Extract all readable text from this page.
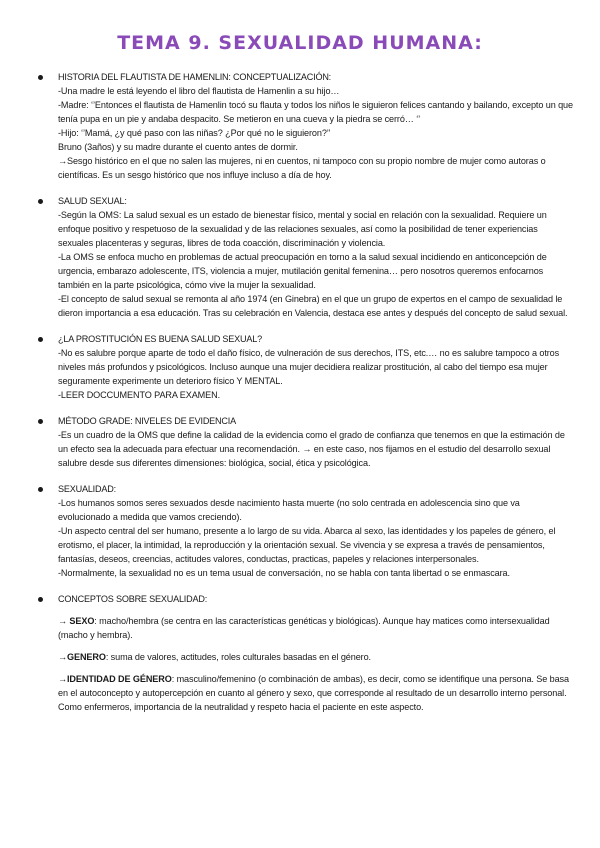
TEMA 9. SEXUALIDAD HUMANA:
HISTORIA DEL FLAUTISTA DE HAMENLIN: CONCEPTUALIZACIÓN:

-Una madre le está leyendo el libro del flautista de Hamenlin a su hijo…

-Madre: ‘’Entonces el flautista de Hamenlin tocó su flauta y todos los niños le siguieron felices cantando y bailando, excepto un que tenía pupa en un pie y andaba despacito. Se metieron en una cueva y la piedra se cerró… ‘’

-Hijo: ‘’Mamá, ¿y qué paso con las niñas? ¿Por qué no le siguieron?’’

Bruno (3años) y su madre durante el cuento antes de dormir.

→Sesgo histórico en el que no salen las mujeres, ni en cuentos, ni tampoco con su propio nombre de mujer como autoras o científicas. Es un sesgo histórico que nos influye incluso a día de hoy.

SALUD SEXUAL:

-Según la OMS: La salud sexual es un estado de bienestar físico, mental y social en relación con la sexualidad. Requiere un enfoque positivo y respetuoso de la sexualidad y de las relaciones sexuales, así como la posibilidad de tener experiencias sexuales placenteras y seguras, libres de toda coacción, discriminación y violencia.

-La OMS se enfoca mucho en problemas de actual preocupación en torno a la salud sexual incidiendo en anticoncepción de urgencia, embarazo adolescente, ITS, violencia a mujer, mutilación genital femenina… pero nosotros queremos enfocarnos también en la parte psicológica, cómo vive la mujer la sexualidad.

-El concepto de salud sexual se remonta al año 1974 (en Ginebra) en el que un grupo de expertos en el campo de sexualidad le dieron importancia a esa educación. Tras su celebración en Valencia, destaca ese antes y después del concepto de salud sexual.

¿LA PROSTITUCIÓN ES BUENA SALUD SEXUAL?

-No es salubre porque aparte de todo el daño físico, de vulneración de sus derechos, ITS, etc.… no es salubre tampoco a otros niveles más profundos y psicológicos. Incluso aunque una mujer decidiera realizar prostitución, al cabo del tiempo esa mujer seguramente experimente un deterioro físico Y MENTAL.

-LEER DOCCUMENTO PARA EXAMEN.

MÉTODO GRADE: NIVELES DE EVIDENCIA

-Es un cuadro de la OMS que define la calidad de la evidencia como el grado de confianza que tenemos en que la estimación de un efecto sea la adecuada para efectuar una recomendación. → en este caso, nos fijamos en el estudio del desarrollo sexual salubre desde sus diferentes dimensiones: biológica, social, ética y psicológica.

SEXUALIDAD:

-Los humanos somos seres sexuados desde nacimiento hasta muerte (no solo centrada en adolescencia sino que va evolucionado a medida que vamos creciendo).

-Un aspecto central del ser humano, presente a lo largo de su vida. Abarca al sexo, las identidades y los papeles de género, el erotismo, el placer, la intimidad, la reproducción y la orientación sexual. Se vivencia y se expresa a través de pensamientos, fantasías, deseos, creencias, actitudes valores, conductas, practicas, papeles y relaciones interpersonales.

-Normalmente, la sexualidad no es un tema usual de conversación, no se habla con tanta libertad o se enmascara.

CONCEPTOS SOBRE SEXUALIDAD:

→ SEXO: macho/hembra (se centra en las características genéticas y biológicas). Aunque hay matices como intersexualidad (macho y hembra).

→GENERO: suma de valores, actitudes, roles culturales basadas en el género.

→IDENTIDAD DE GÉNERO: masculino/femenino (o combinación de ambas), es decir, como se identifique una persona. Se basa en el autoconcepto y autopercepción en cuanto al género y sexo, que corresponde al resultado de un desarrollo interno personal. Como enfermeros, importancia de la neutralidad y respeto hacia el paciente en este aspecto.
